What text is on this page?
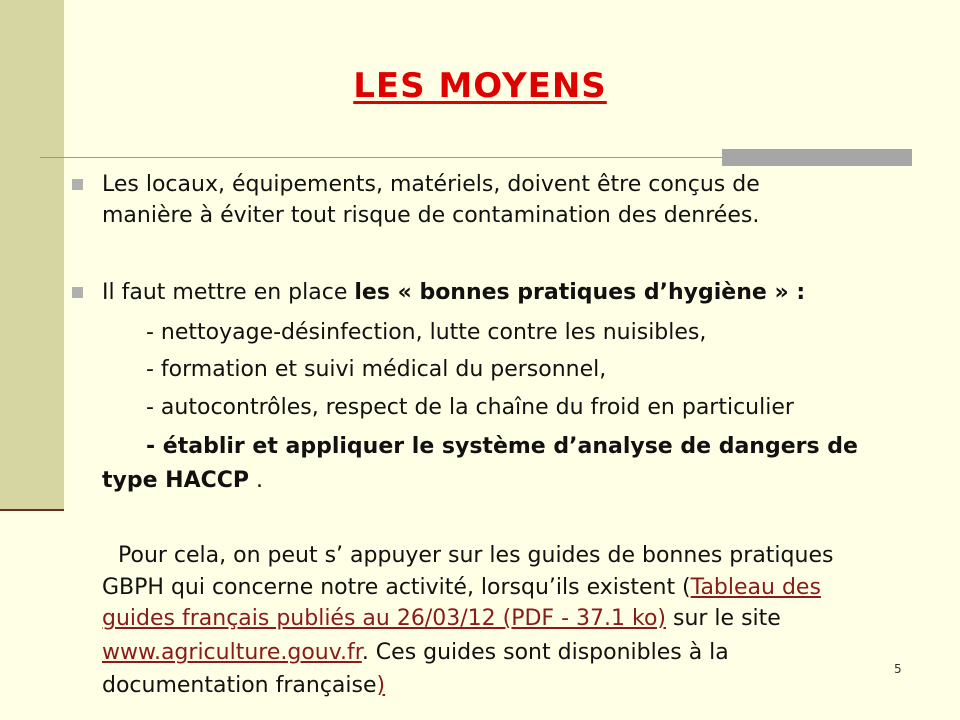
LES MOYENS
Les locaux, équipements, matériels, doivent être conçus de
manière à éviter tout risque de contamination des denrées.
Il faut mettre en place les « bonnes pratiques d’hygiène » :
- nettoyage-désinfection, lutte contre les nuisibles,
- formation et suivi médical du personnel,
- autocontrôles, respect de la chaîne du froid en particulier
- établir et appliquer le système d’analyse de dangers de
type HACCP .
Pour cela, on peut s’ appuyer sur les guides de bonnes pratiques
GBPH qui concerne notre activité, lorsqu’ils existent (Tableau des
guides français publiés au 26/03/12 (PDF - 37.1 ko) sur le site
www.agriculture.gouv.fr. Ces guides sont disponibles à la
documentation française)
5
